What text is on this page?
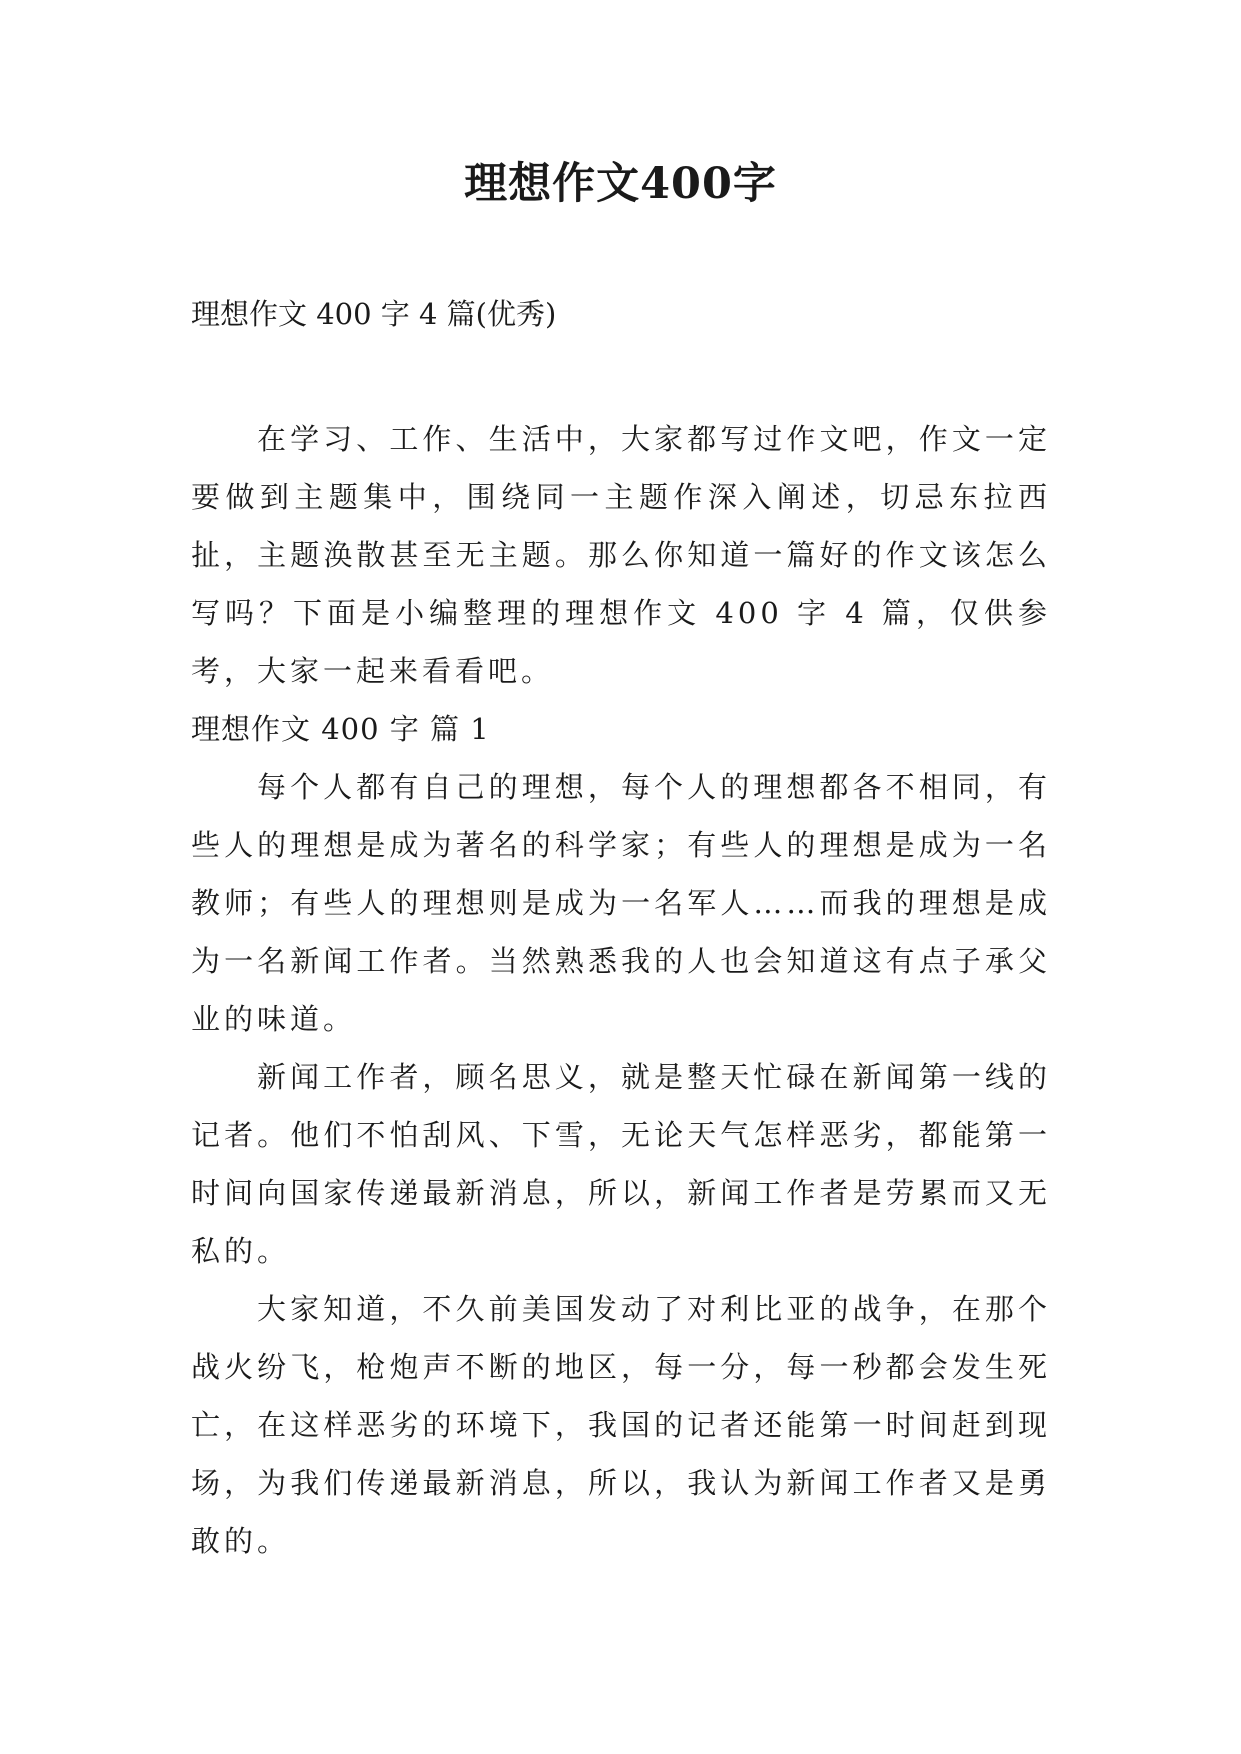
理想作文400字

理想作文 400 字 4 篇(优秀)

在学习、工作、生活中，大家都写过作文吧，作文一定要做到主题集中，围绕同一主题作深入阐述，切忌东拉西扯，主题涣散甚至无主题。那么你知道一篇好的作文该怎么写吗？下面是小编整理的理想作文 400 字 4 篇，仅供参考，大家一起来看看吧。

理想作文 400 字 篇 1

每个人都有自己的理想，每个人的理想都各不相同，有些人的理想是成为著名的科学家；有些人的理想是成为一名教师；有些人的理想则是成为一名军人……而我的理想是成为一名新闻工作者。当然熟悉我的人也会知道这有点子承父业的味道。

新闻工作者，顾名思义，就是整天忙碌在新闻第一线的记者。他们不怕刮风、下雪，无论天气怎样恶劣，都能第一时间向国家传递最新消息，所以，新闻工作者是劳累而又无私的。

大家知道，不久前美国发动了对利比亚的战争，在那个战火纷飞，枪炮声不断的地区，每一分，每一秒都会发生死亡，在这样恶劣的环境下，我国的记者还能第一时间赶到现场，为我们传递最新消息，所以，我认为新闻工作者又是勇敢的。
